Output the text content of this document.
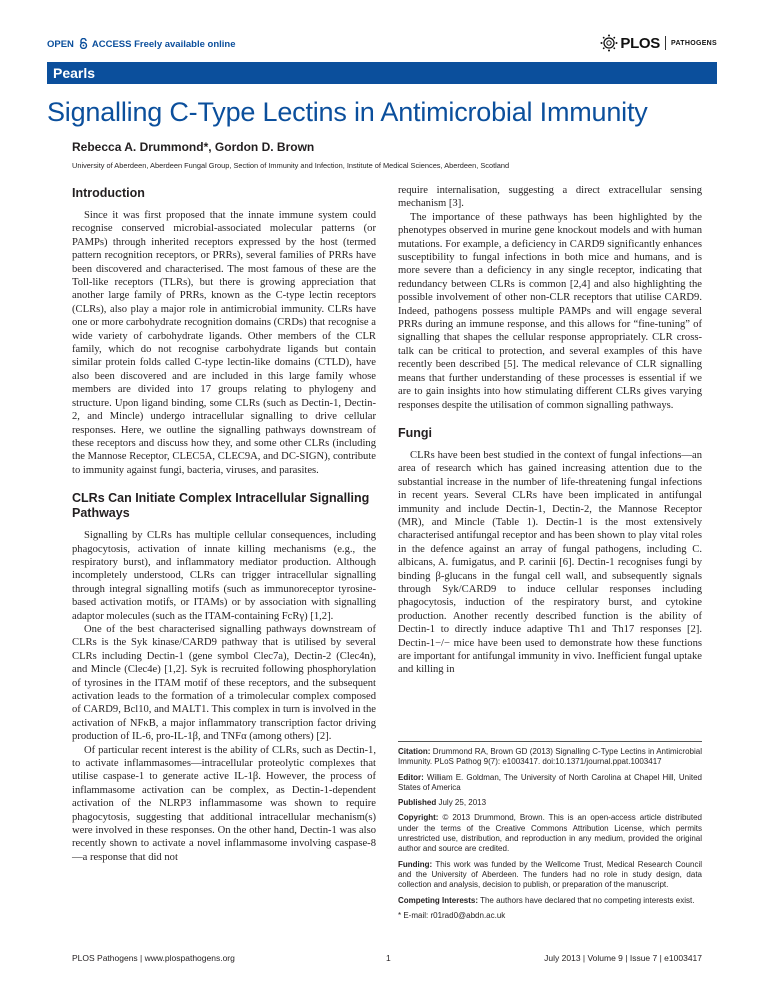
OPEN ACCESS Freely available online	PLOS PATHOGENS
Pearls
Signalling C-Type Lectins in Antimicrobial Immunity
Rebecca A. Drummond*, Gordon D. Brown
University of Aberdeen, Aberdeen Fungal Group, Section of Immunity and Infection, Institute of Medical Sciences, Aberdeen, Scotland
Introduction

Since it was first proposed that the innate immune system could recognise conserved microbial-associated molecular patterns (or PAMPs) through inherited receptors expressed by the host (termed pattern recognition receptors, or PRRs), several families of PRRs have been discovered and characterised. The most famous of these are the Toll-like receptors (TLRs), but there is growing appreciation that another large family of PRRs, known as the C-type lectin receptors (CLRs), also play a major role in antimicrobial immunity. CLRs have one or more carbohydrate recognition domains (CRDs) that recognise a wide variety of carbohydrate ligands. Other members of the CLR family, which do not recognise carbohydrate ligands but contain similar protein folds called C-type lectin-like domains (CTLD), have also been discovered and are included in this large family whose members are divided into 17 groups relating to phylogeny and structure. Upon ligand binding, some CLRs (such as Dectin-1, Dectin-2, and Mincle) undergo intracellular signalling to drive cellular responses. Here, we outline the signalling pathways downstream of these receptors and discuss how they, and some other CLRs (including the Mannose Receptor, CLEC5A, CLEC9A, and DC-SIGN), contribute to immunity against fungi, bacteria, viruses, and parasites.

CLRs Can Initiate Complex Intracellular Signalling Pathways

Signalling by CLRs has multiple cellular consequences, including phagocytosis, activation of innate killing mechanisms (e.g., the respiratory burst), and inflammatory mediator production. Although incompletely understood, CLRs can trigger intracellular signalling through integral signalling motifs (such as immunoreceptor tyrosine-based activation motifs, or ITAMs) or by association with signalling adaptor molecules (such as the ITAM-containing FcRγ) [1,2].

One of the best characterised signalling pathways downstream of CLRs is the Syk kinase/CARD9 pathway that is utilised by several CLRs including Dectin-1 (gene symbol Clec7a), Dectin-2 (Clec4n), and Mincle (Clec4e) [1,2]. Syk is recruited following phosphorylation of tyrosines in the ITAM motif of these receptors, and the subsequent activation leads to the formation of a trimolecular complex composed of CARD9, Bcl10, and MALT1. This complex in turn is involved in the activation of NFκB, a major inflammatory transcription factor driving production of IL-6, pro-IL-1β, and TNFα (among others) [2].

Of particular recent interest is the ability of CLRs, such as Dectin-1, to activate inflammasomes—intracellular proteolytic complexes that utilise caspase-1 to generate active IL-1β. However, the process of inflammasome activation can be complex, as Dectin-1-dependent activation of the NLRP3 inflammasome was shown to require phagocytosis, suggesting that additional intracellular mechanism(s) were involved in these responses. On the other hand, Dectin-1 was also recently shown to activate a novel inflammasome involving caspase-8—a response that did not

require internalisation, suggesting a direct extracellular sensing mechanism [3].

The importance of these pathways has been highlighted by the phenotypes observed in murine gene knockout models and with human mutations. For example, a deficiency in CARD9 significantly enhances susceptibility to fungal infections in both mice and humans, and is more severe than a deficiency in any single receptor, indicating that redundancy between CLRs is common [2,4] and also highlighting the possible involvement of other non-CLR receptors that utilise CARD9. Indeed, pathogens possess multiple PAMPs and will engage several PRRs during an immune response, and this allows for “fine-tuning” of signalling that shapes the cellular response appropriately. CLR cross-talk can be critical to protection, and several examples of this have recently been described [5]. The medical relevance of CLR signalling means that further understanding of these processes is essential if we are to gain insights into how stimulating different CLRs gives varying responses despite the utilisation of common signalling pathways.

Fungi

CLRs have been best studied in the context of fungal infections—an area of research which has gained increasing attention due to the substantial increase in the number of life-threatening fungal infections in recent years. Several CLRs have been implicated in antifungal immunity and include Dectin-1, Dectin-2, the Mannose Receptor (MR), and Mincle (Table 1). Dectin-1 is the most extensively characterised antifungal receptor and has been shown to play vital roles in the defence against an array of fungal pathogens, including C. albicans, A. fumigatus, and P. carinii [6]. Dectin-1 recognises fungi by binding β-glucans in the fungal cell wall, and subsequently signals through Syk/CARD9 to induce cellular responses including phagocytosis, induction of the respiratory burst, and cytokine production. Another recently described function is the ability of Dectin-1 to directly induce adaptive Th1 and Th17 responses [2]. Dectin-1−/− mice have been used to demonstrate how these functions are important for antifungal immunity in vivo. Inefficient fungal uptake and killing in

Citation: Drummond RA, Brown GD (2013) Signalling C-Type Lectins in Antimicrobial Immunity. PLoS Pathog 9(7): e1003417. doi:10.1371/journal.ppat.1003417
Editor: William E. Goldman, The University of North Carolina at Chapel Hill, United States of America
Published July 25, 2013
Copyright: © 2013 Drummond, Brown. This is an open-access article distributed under the terms of the Creative Commons Attribution License, which permits unrestricted use, distribution, and reproduction in any medium, provided the original author and source are credited.
Funding: This work was funded by the Wellcome Trust, Medical Research Council and the University of Aberdeen. The funders had no role in study design, data collection and analysis, decision to publish, or preparation of the manuscript.
Competing Interests: The authors have declared that no competing interests exist.
* E-mail: r01rad0@abdn.ac.uk
PLOS Pathogens | www.plospathogens.org	1	July 2013 | Volume 9 | Issue 7 | e1003417
